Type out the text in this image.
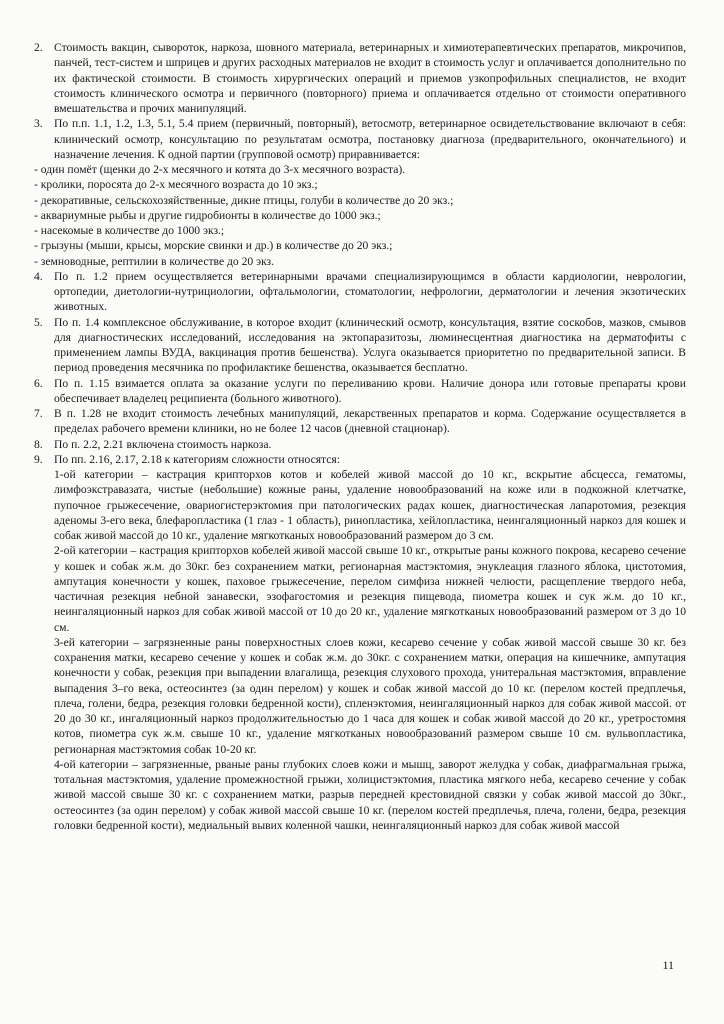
2. Стоимость вакцин, сывороток, наркоза, шовного материала, ветеринарных и химиотерапевтических препаратов, микрочипов, панчей, тест-систем и шприцев и других расходных материалов не входит в стоимость услуг и оплачивается дополнительно по их фактической стоимости. В стоимость хирургических операций и приемов узкопрофильных специалистов, не входит стоимость клинического осмотра и первичного (повторного) приема и оплачивается отдельно от стоимости оперативного вмешательства и прочих манипуляций.

3. По п.п. 1.1, 1.2, 1.3, 5.1, 5.4 прием (первичный, повторный), ветосмотр, ветеринарное освидетельствование включают в себя: клинический осмотр, консультацию по результатам осмотра, постановку диагноза (предварительного, окончательного) и назначение лечения. К одной партии (групповой осмотр) приравнивается:

- один помёт (щенки до 2-х месячного и котята до 3-х месячного возраста).

- кролики, поросята до 2-х месячного возраста до 10 экз.;

- декоративные, сельскохозяйственные, дикие птицы, голуби в количестве до 20 экз.;

- аквариумные рыбы и другие гидробионты в количестве до 1000 экз.;

- насекомые в количестве до 1000 экз.;

- грызуны (мыши, крысы, морские свинки и др.) в количестве до 20 экз.;

- земноводные, рептилии в количестве до 20 экз.

4. По п. 1.2 прием осуществляется ветеринарными врачами специализирующимся в области кардиологии, неврологии, ортопедии, диетологии-нутрициологии, офтальмологии, стоматологии, нефрологии, дерматологии и лечения экзотических животных.

5. По п. 1.4 комплексное обслуживание, в которое входит (клинический осмотр, консультация, взятие соскобов, мазков, смывов для диагностических исследований, исследования на эктопаразитозы, люминесцентная диагностика на дерматофиты с применением лампы ВУДА, вакцинация против бешенства). Услуга оказывается приоритетно по предварительной записи. В период проведения месячника по профилактике бешенства, оказывается бесплатно.

6. По п. 1.15 взимается оплата за оказание услуги по переливанию крови. Наличие донора или готовые препараты крови обеспечивает владелец реципиента (больного животного).

7. В п. 1.28 не входит стоимость лечебных манипуляций, лекарственных препаратов и корма. Содержание осуществляется в пределах рабочего времени клиники, но не более 12 часов (дневной стационар).

8. По п. 2.2, 2.21 включена стоимость наркоза.

9. По пп. 2.16, 2.17, 2.18 к категориям сложности относятся:

1-ой категории – кастрация крипторхов котов и кобелей живой массой до 10 кг., вскрытие абсцесса, гематомы, лимфоэкстравазата, чистые (небольшие) кожные раны, удаление новообразований на коже или в подкожной клетчатке, пупочное грыжесечение, овариогистерэктомия при патологических радах кошек, диагностическая лапаротомия, резекция аденомы 3-его века, блефаропластика (1 глаз - 1 область), ринопластика, хейлопластика, неингаляционный наркоз для кошек и собак живой массой до 10 кг., удаление мягкотканых новообразований размером до 3 см.

2-ой категории – кастрация крипторхов кобелей живой массой свыше 10 кг., открытые раны кожного покрова, кесарево сечение у кошек и собак ж.м. до 30кг. без сохранением матки, регионарная мастэктомия, энуклеация глазного яблока, цистотомия, ампутация конечности у кошек, паховое грыжесечение, перелом симфиза нижней челюсти, расщепление твердого неба, частичная резекция небной занавески, эзофагостомия и резекция пищевода, пиометра кошек и сук ж.м. до 10 кг., неингаляционный наркоз для собак живой массой от 10 до 20 кг., удаление мягкотканых новообразований размером от 3 до 10 см.

3-ей категории – загрязненные раны поверхностных слоев кожи, кесарево сечение у собак живой массой свыше 30 кг. без сохранения матки, кесарево сечение у кошек и собак ж.м. до 30кг. с сохранением матки, операция на кишечнике, ампутация конечности у собак, резекция при выпадении влагалища, резекция слухового прохода, унитеральная мастэктомия, вправление выпадения 3–го века, остеосинтез (за один перелом) у кошек и собак живой массой до 10 кг. (перелом костей предплечья, плеча, голени, бедра, резекция головки бедренной кости), спленэктомия, неингаляционный наркоз для собак живой массой. от 20 до 30 кг., ингаляционный наркоз продолжительностью до 1 часа для кошек и собак живой массой до 20 кг., уретростомия котов, пиометра сук ж.м. свыше 10 кг., удаление мягкотканых новообразований размером свыше 10 см. вульвопластика, регионарная мастэктомия собак 10-20 кг.

4-ой категории – загрязненные, рваные раны глубоких слоев кожи и мышц, заворот желудка у собак, диафрагмальная грыжа, тотальная мастэктомия, удаление промежностной грыжи, холицистэктомия, пластика мягкого неба, кесарево сечение у собак живой массой свыше 30 кг. с сохранением матки, разрыв передней крестовидной связки у собак живой массой до 30кг., остеосинтез (за один перелом) у собак живой массой свыше 10 кг. (перелом костей предплечья, плеча, голени, бедра, резекция головки бедренной кости), медиальный вывих коленной чашки, неингаляционный наркоз для собак живой массой

11
